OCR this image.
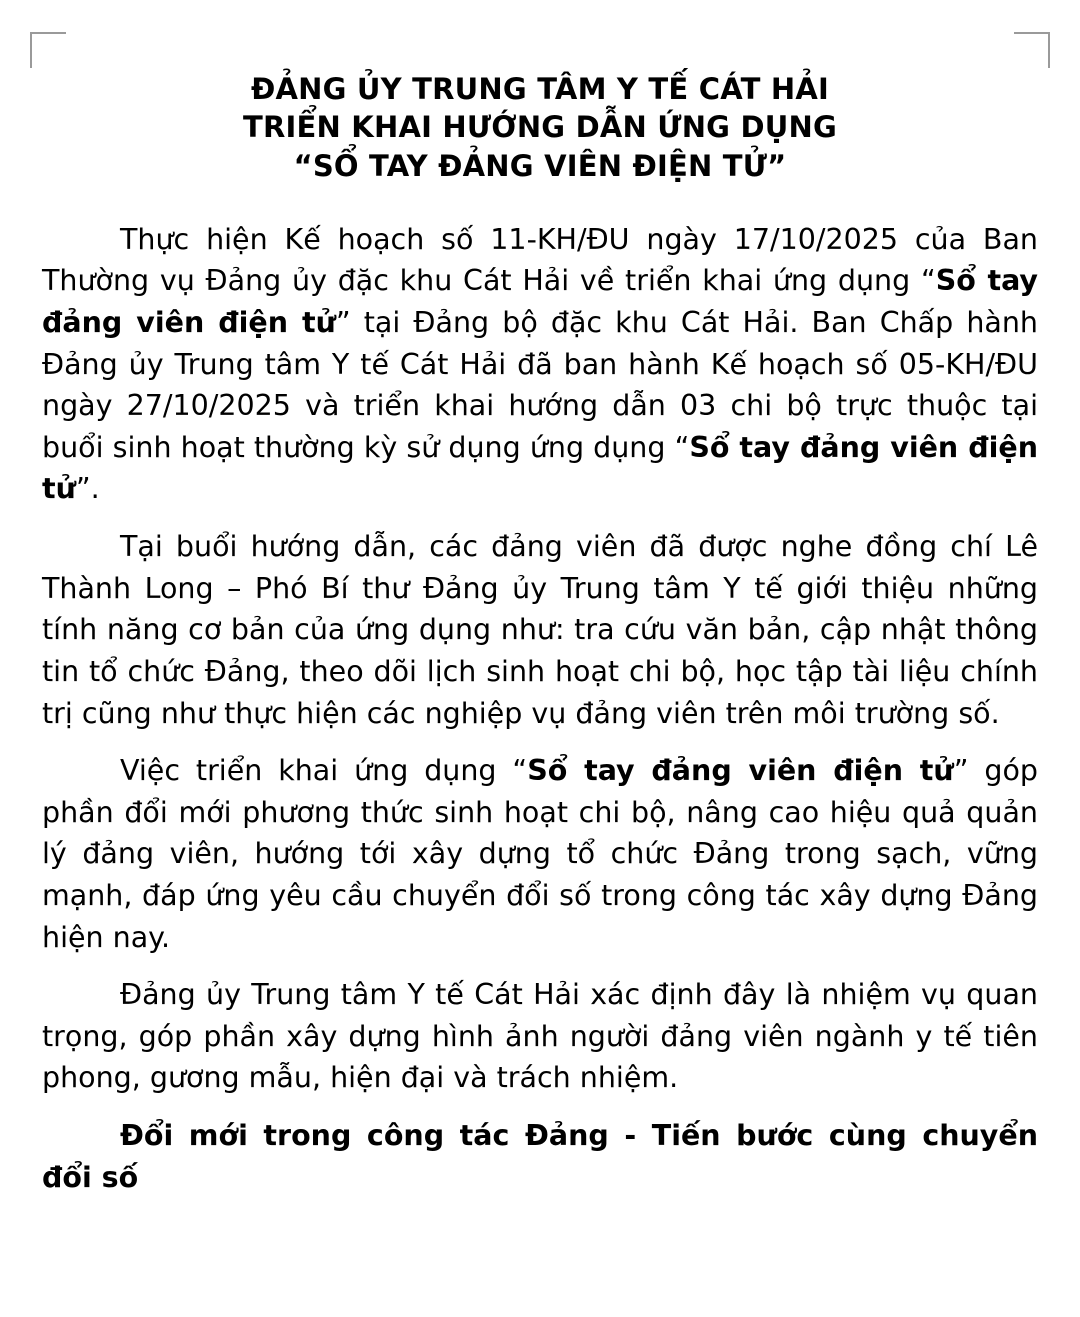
ĐẢNG ỦY TRUNG TÂM Y TẾ CÁT HẢI
TRIỂN KHAI HƯỚNG DẪN ỨNG DỤNG
“SỔ TAY ĐẢNG VIÊN ĐIỆN TỬ”

Thực hiện Kế hoạch số 11-KH/ĐU ngày 17/10/2025 của Ban Thường vụ Đảng ủy đặc khu Cát Hải về triển khai ứng dụng “Sổ tay đảng viên điện tử” tại Đảng bộ đặc khu Cát Hải. Ban Chấp hành Đảng ủy Trung tâm Y tế Cát Hải đã ban hành Kế hoạch số 05-KH/ĐU ngày 27/10/2025 và triển khai hướng dẫn 03 chi bộ trực thuộc tại buổi sinh hoạt thường kỳ sử dụng ứng dụng “Sổ tay đảng viên điện tử”.

Tại buổi hướng dẫn, các đảng viên đã được nghe đồng chí Lê Thành Long – Phó Bí thư Đảng ủy Trung tâm Y tế giới thiệu những tính năng cơ bản của ứng dụng như: tra cứu văn bản, cập nhật thông tin tổ chức Đảng, theo dõi lịch sinh hoạt chi bộ, học tập tài liệu chính trị cũng như thực hiện các nghiệp vụ đảng viên trên môi trường số.

Việc triển khai ứng dụng “Sổ tay đảng viên điện tử” góp phần đổi mới phương thức sinh hoạt chi bộ, nâng cao hiệu quả quản lý đảng viên, hướng tới xây dựng tổ chức Đảng trong sạch, vững mạnh, đáp ứng yêu cầu chuyển đổi số trong công tác xây dựng Đảng hiện nay.

Đảng ủy Trung tâm Y tế Cát Hải xác định đây là nhiệm vụ quan trọng, góp phần xây dựng hình ảnh người đảng viên ngành y tế tiên phong, gương mẫu, hiện đại và trách nhiệm.

Đổi mới trong công tác Đảng - Tiến bước cùng chuyển đổi số
